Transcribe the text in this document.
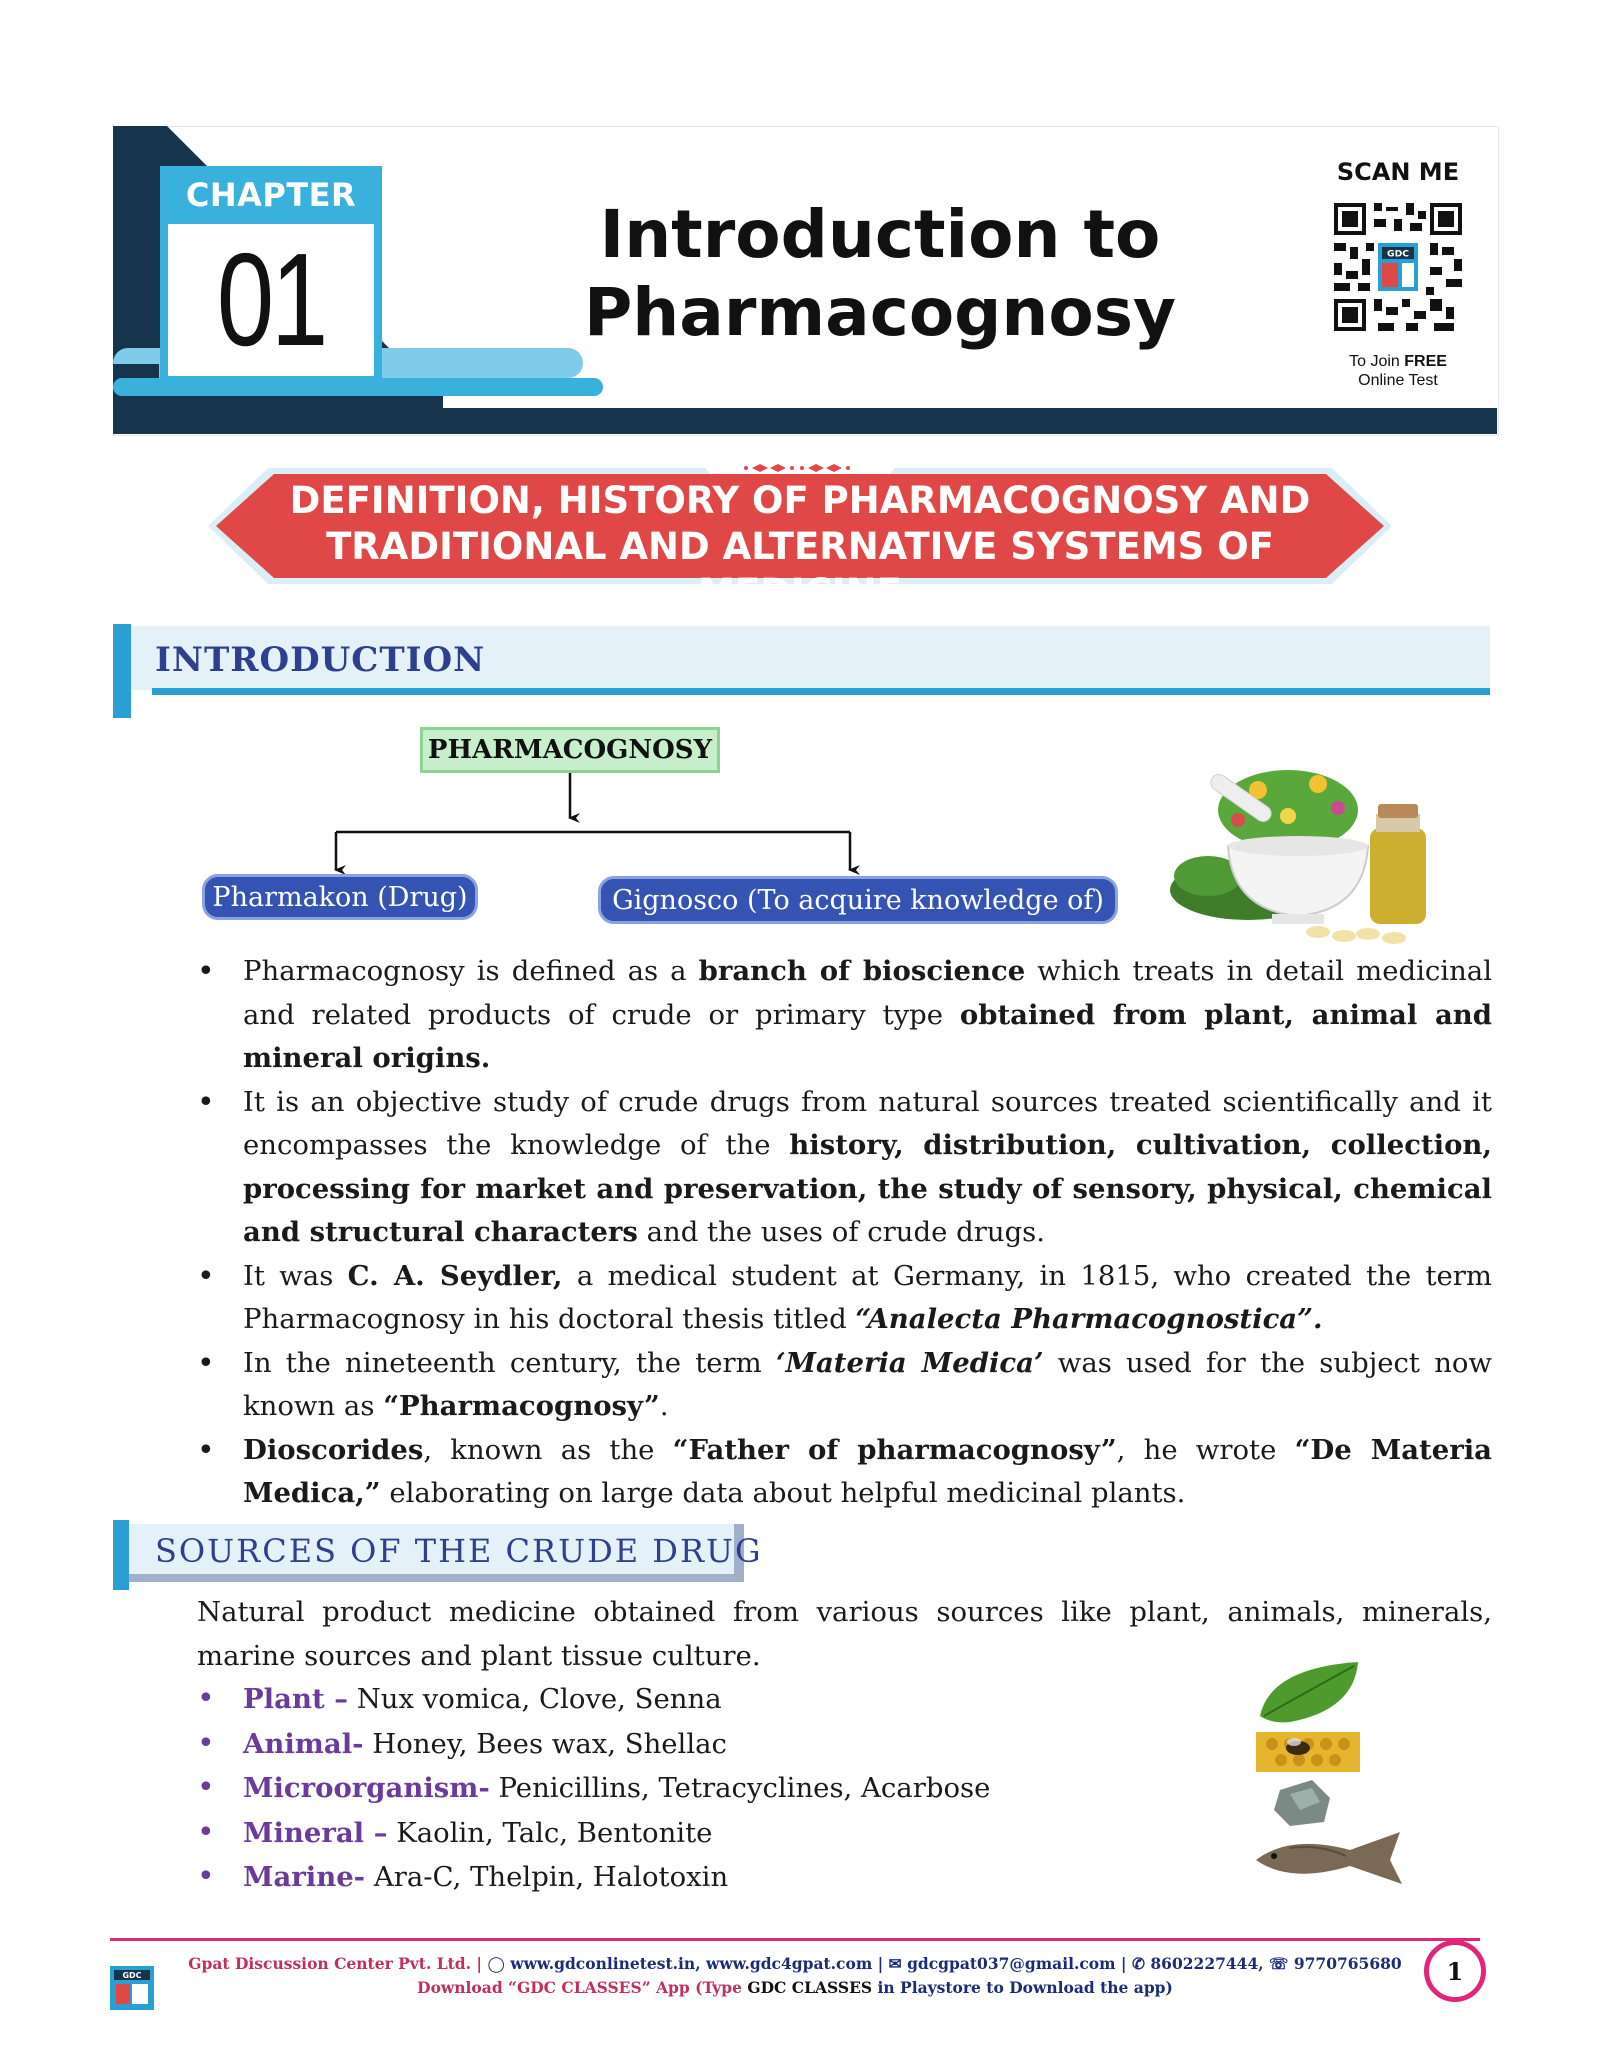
CHAPTER
01	Introduction to
Pharmacognosy
SCAN ME
GDC
To Join FREE
Online Test
DEFINITION, HISTORY OF PHARMACOGNOSY AND
TRADITIONAL AND ALTERNATIVE SYSTEMS OF MEDICINE
INTRODUCTION
PHARMACOGNOSY
Pharmakon (Drug)	Gignosco (To acquire knowledge of)
• Pharmacognosy is defined as a branch of bioscience which treats in detail medicinal and related products of crude or primary type obtained from plant, animal and mineral origins.
• It is an objective study of crude drugs from natural sources treated scientifically and it encompasses the knowledge of the history, distribution, cultivation, collection, processing for market and preservation, the study of sensory, physical, chemical and structural characters and the uses of crude drugs.
• It was C. A. Seydler, a medical student at Germany, in 1815, who created the term Pharmacognosy in his doctoral thesis titled “Analecta Pharmacognostica”.
• In the nineteenth century, the term ‘Materia Medica’ was used for the subject now known as “Pharmacognosy”.
• Dioscorides, known as the “Father of pharmacognosy”, he wrote “De Materia Medica,” elaborating on large data about helpful medicinal plants.
SOURCES OF THE CRUDE DRUG
Natural product medicine obtained from various sources like plant, animals, minerals, marine sources and plant tissue culture.
• Plant – Nux vomica, Clove, Senna
• Animal- Honey, Bees wax, Shellac
• Microorganism- Penicillins, Tetracyclines, Acarbose
• Mineral – Kaolin, Talc, Bentonite
• Marine- Ara-C, Thelpin, Halotoxin
GDC
Gpat Discussion Center Pvt. Ltd. | ◯ www.gdconlinetest.in, www.gdc4gpat.com | ✉ gdcgpat037@gmail.com | ✆ 8602227444, ☏ 9770765680
Download “GDC CLASSES” App (Type GDC CLASSES in Playstore to Download the app)
1
